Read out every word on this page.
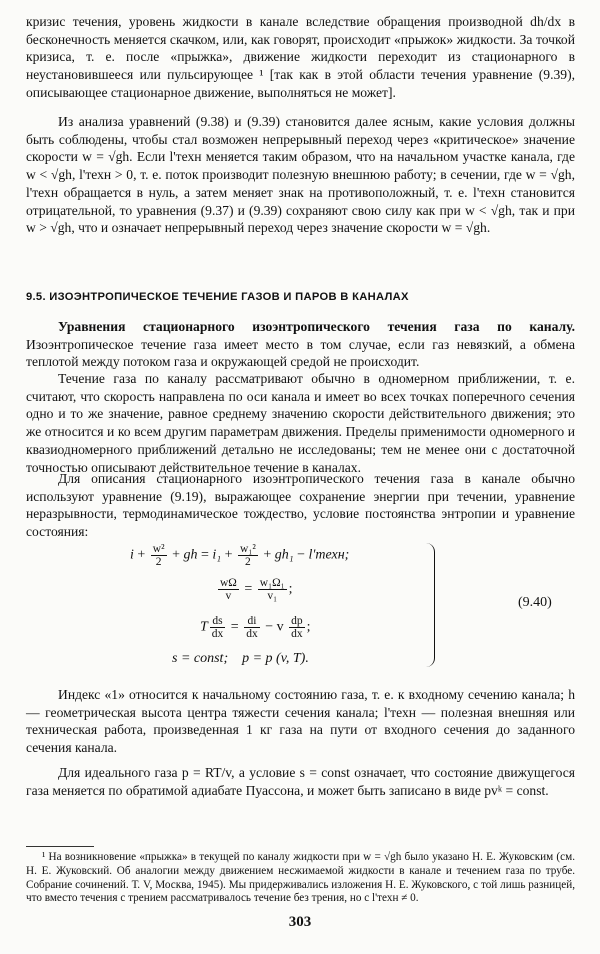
кризис течения, уровень жидкости в канале вследствие обращения производной dh/dx в бесконечность меняется скачком, или, как говорят, происходит «прыжок» жидкости. За точкой кризиса, т. е. после «прыжка», движение жидкости переходит из стационарного в неустановившееся или пульсирующее ¹ [так как в этой области течения уравнение (9.39), описывающее стационарное движение, выполняться не может].

Из анализа уравнений (9.38) и (9.39) становится далее ясным, какие условия должны быть соблюдены, чтобы стал возможен непрерывный переход через «критическое» значение скорости w = √gh. Если l'техн меняется таким образом, что на начальном участке канала, где w < √gh, l'техн > 0, т. е. поток производит полезную внешнюю работу; в сечении, где w = √gh, l'техн обращается в нуль, а затем меняет знак на противоположный, т. е. l'техн становится отрицательной, то уравнения (9.37) и (9.39) сохраняют свою силу как при w < √gh, так и при w > √gh, что и означает непрерывный переход через значение скорости w = √gh.

9.5. ИЗОЭНТРОПИЧЕСКОЕ ТЕЧЕНИЕ ГАЗОВ И ПАРОВ В КАНАЛАХ

Уравнения стационарного изоэнтропического течения газа по каналу. Изоэнтропическое течение газа имеет место в том случае, если газ невязкий, а обмена теплотой между потоком газа и окружающей средой не происходит.

Течение газа по каналу рассматривают обычно в одномерном приближении, т. е. считают, что скорость направлена по оси канала и имеет во всех точках поперечного сечения одно и то же значение, равное среднему значению скорости действительного движения; это же относится и ко всем другим параметрам движения. Пределы применимости одномерного и квазиодномерного приближений детально не исследованы; тем не менее они с достаточной точностью описывают действительное течение в каналах.

Для описания стационарного изоэнтропического течения газа в канале обычно используют уравнение (9.19), выражающее сохранение энергии при течении, уравнение неразрывности, термодинамическое тождество, условие постоянства энтропии и уравнение состояния:

$i + \frac{\text{w²}}{2}$ + gh = $i_1 + \frac{\text{w₁²}}{2} + gh_1$ − l'техн;
$\frac{w\Omega}{v} = \frac{\text{w₁Ω₁}}{\text{v₁}}$ ;
T $\frac{ds}{dx} = \frac{di}{dx} - v \frac{dp}{dx}$ ;
s = const;    p = p (v, T).
(9.40)

Индекс «1» относится к начальному состоянию газа, т. е. к входному сечению канала; h — геометрическая высота центра тяжести сечения канала; l'техн — полезная внешняя или техническая работа, произведенная 1 кг газа на пути от входного сечения до заданного сечения канала.

Для идеального газа p = RT/v, а условие s = const означает, что состояние движущегося газа меняется по обратимой адиабате Пуассона, и может быть записано в виде pvᵏ = const.

¹ На возникновение «прыжка» в текущей по каналу жидкости при w = √gh было указано Н. Е. Жуковским (см. Н. Е. Жуковский. Об аналогии между движением несжимаемой жидкости в канале и течением газа по трубе. Собрание сочинений. Т. V, Москва, 1945). Мы придерживались изложения Н. Е. Жуковского, с той лишь разницей, что вместо течения с трением рассматривалось течение без трения, но с l'техн ≠ 0.

303
